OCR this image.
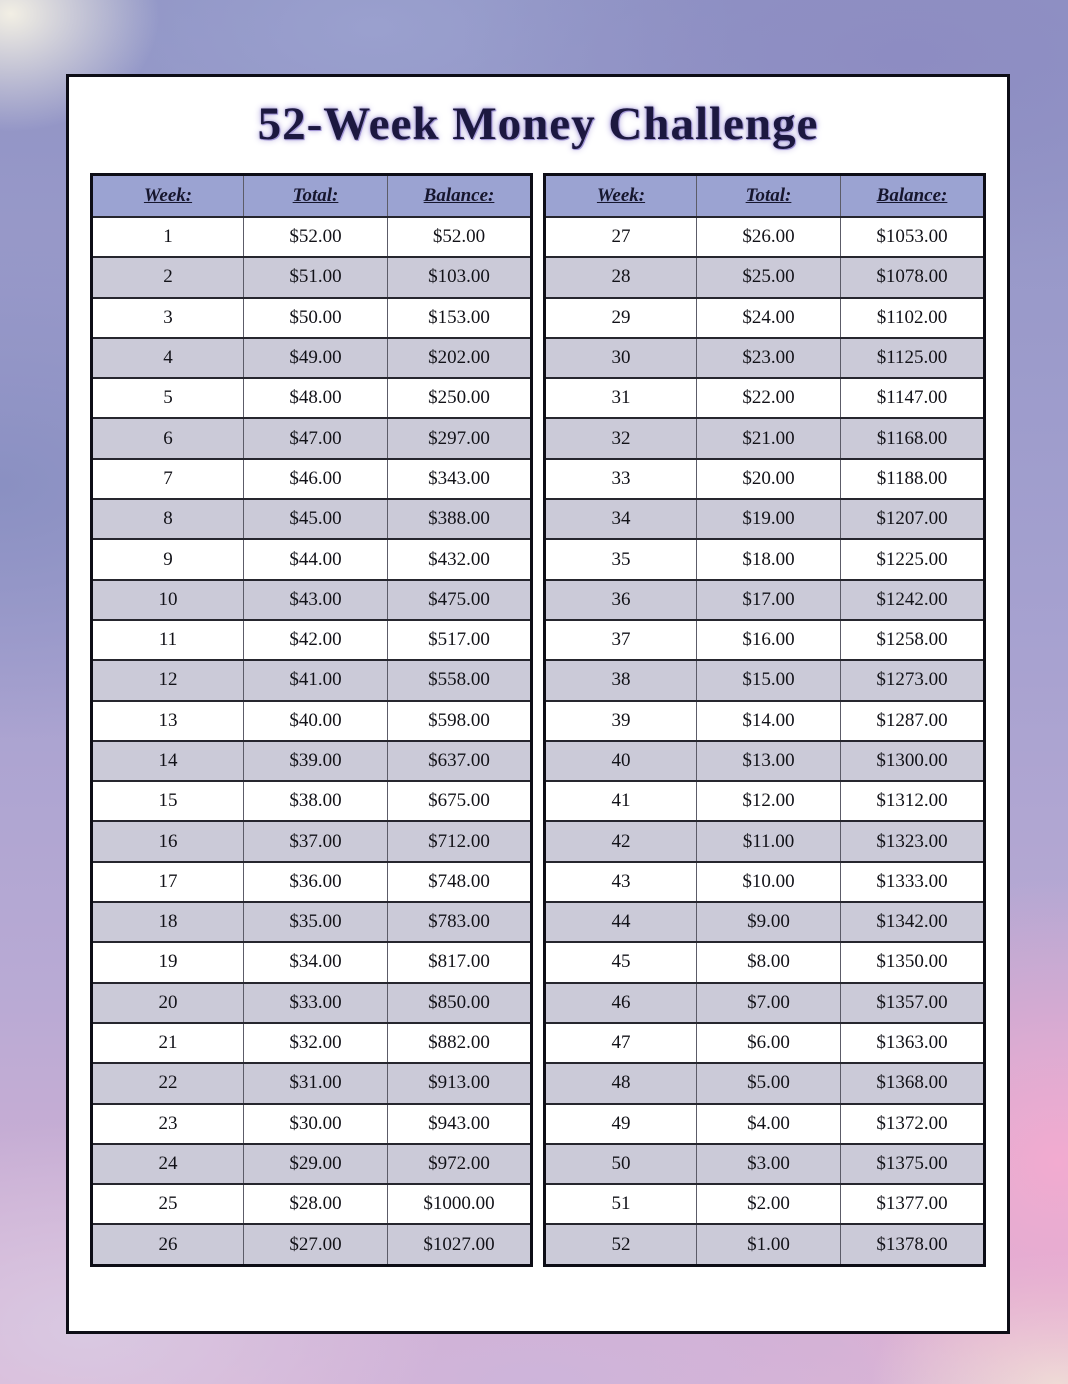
52-Week Money Challenge
Week:	Total:	Balance:
1	$52.00	$52.00
2	$51.00	$103.00
3	$50.00	$153.00
4	$49.00	$202.00
5	$48.00	$250.00
6	$47.00	$297.00
7	$46.00	$343.00
8	$45.00	$388.00
9	$44.00	$432.00
10	$43.00	$475.00
11	$42.00	$517.00
12	$41.00	$558.00
13	$40.00	$598.00
14	$39.00	$637.00
15	$38.00	$675.00
16	$37.00	$712.00
17	$36.00	$748.00
18	$35.00	$783.00
19	$34.00	$817.00
20	$33.00	$850.00
21	$32.00	$882.00
22	$31.00	$913.00
23	$30.00	$943.00
24	$29.00	$972.00
25	$28.00	$1000.00
26	$27.00	$1027.00
Week:	Total:	Balance:
27	$26.00	$1053.00
28	$25.00	$1078.00
29	$24.00	$1102.00
30	$23.00	$1125.00
31	$22.00	$1147.00
32	$21.00	$1168.00
33	$20.00	$1188.00
34	$19.00	$1207.00
35	$18.00	$1225.00
36	$17.00	$1242.00
37	$16.00	$1258.00
38	$15.00	$1273.00
39	$14.00	$1287.00
40	$13.00	$1300.00
41	$12.00	$1312.00
42	$11.00	$1323.00
43	$10.00	$1333.00
44	$9.00	$1342.00
45	$8.00	$1350.00
46	$7.00	$1357.00
47	$6.00	$1363.00
48	$5.00	$1368.00
49	$4.00	$1372.00
50	$3.00	$1375.00
51	$2.00	$1377.00
52	$1.00	$1378.00
